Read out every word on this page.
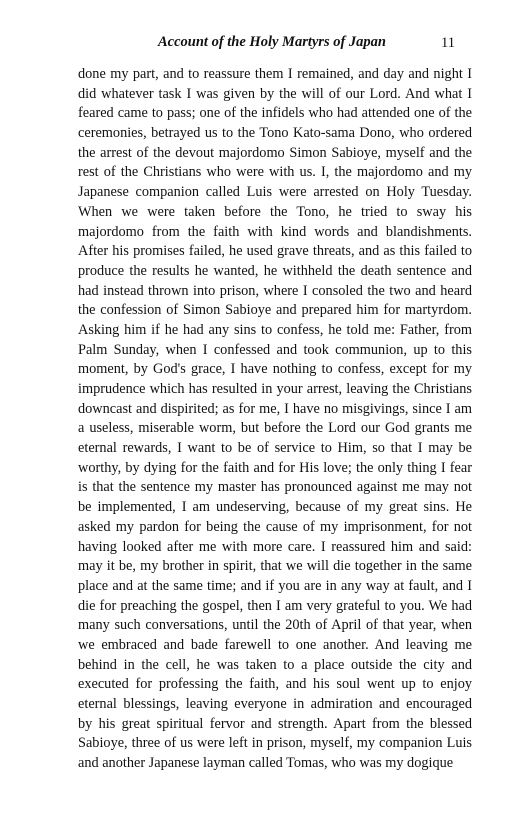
Account of the Holy Martyrs of Japan	11
done my part, and to reassure them I remained, and day and night I
did whatever task I was given by the will of our Lord. And what I
feared came to pass; one of the infidels who had attended one of the
ceremonies, betrayed us to the Tono Kato-sama Dono, who ordered
the arrest of the devout majordomo Simon Sabioye, myself and the
rest of the Christians who were with us. I, the majordomo and my
Japanese companion called Luis were arrested on Holy Tuesday.
When we were taken before the Tono, he tried to sway his
majordomo from the faith with kind words and blandishments.
After his promises failed, he used grave threats, and as this failed to
produce the results he wanted, he withheld the death sentence and
had instead thrown into prison, where I consoled the two and heard
the confession of Simon Sabioye and prepared him for martyrdom.
Asking him if he had any sins to confess, he told me: Father, from
Palm Sunday, when I confessed and took communion, up to this
moment, by God's grace, I have nothing to confess, except for my
imprudence which has resulted in your arrest, leaving the Christians
downcast and dispirited; as for me, I have no misgivings, since I am
a useless, miserable worm, but before the Lord our God grants me
eternal rewards, I want to be of service to Him, so that I may be
worthy, by dying for the faith and for His love; the only thing I fear
is that the sentence my master has pronounced against me may not
be implemented, I am undeserving, because of my great sins. He
asked my pardon for being the cause of my imprisonment, for not
having looked after me with more care. I reassured him and said:
may it be, my brother in spirit, that we will die together in the same
place and at the same time; and if you are in any way at fault, and I
die for preaching the gospel, then I am very grateful to you. We had
many such conversations, until the 20th of April of that year, when
we embraced and bade farewell to one another. And leaving me
behind in the cell, he was taken to a place outside the city and
executed for professing the faith, and his soul went up to enjoy
eternal blessings, leaving everyone in admiration and encouraged
by his great spiritual fervor and strength. Apart from the blessed
Sabioye, three of us were left in prison, myself, my companion Luis
and another Japanese layman called Tomas, who was my dogique
